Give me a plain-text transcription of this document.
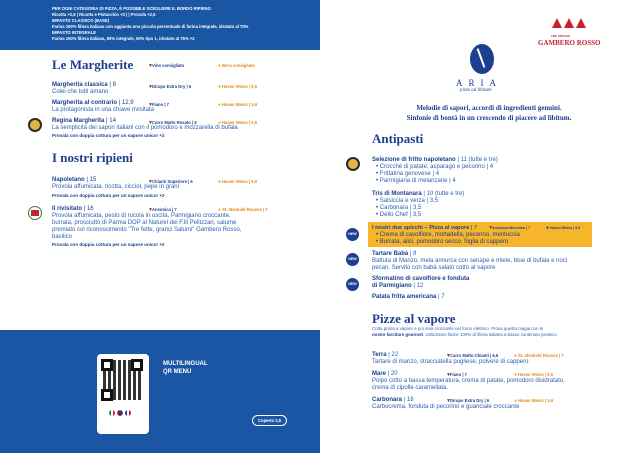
PER OGNI CATEGORIA DI PIZZA, È POSSIBILE SCEGLIERE IL BORDO RIPIENO
Ricotta +2,5 | Ricotta e Pistacchio +3 | | Provola +2,5
IMPASTO CLASSICO (BASE)
Farina 100% filiera italiana con aggiunta una piccola percentuale di farina integrale, idratato al 70%
IMPASTO INTEGRALE
Farina 100% filiera italiana, 50% integrale, 50% tipo 1, idratato al 75% +2
Le Margherite	🍷 ▼Vino consigliato	●Birra consigliata
Margherita classica | 8
Colei che tutti amano
🍷 ▼Dirupo Extra Dry | 6	●Hasen Weiss | 5,9
Margherita al contrario | 12,9
La protagonista in una chiave rivisitata
🍷 ▼Fiano | 7	●Hasen Weiss | 5,9
Regina Margherita | 14
La semplicità dei sapori italiani con il pomodoro e mozzarella di bufala
🍷 ▼Carro Matto Rosato | 6	●Hasen Weiss | 5,9
Provala con doppia cottura per un sapore unico! +2
I nostri ripieni
Napoletano | 15
Provola affumicata, ricotta, cicciol, pepe in grani
Provala con doppia cottura per un sapore unico! +2
🍷 ▼Chianti Superiore | 6	●Hasen Weiss | 5,9
Il rivisitato | 16
Provola affumicata, pesto di rucola in uscita, Parmigiano croccante,
burrata, prosciutto di Parma DOP al Naturel dei F.lli Pellizzari, salume
premiato col riconoscimento "Tre fette, granci Salumi" Gambero Rosso,
basilico
Provala con doppia cottura per un sapore unico! +2
🍷 ▼Ansonica | 7	●St. Idesbald Rousse | 7
MULTILINGUAL
QR MENU
Coperto 2,5
ARIA
pizze ad libitum
TRE SPICCHI
GAMBERO ROSSO
Melodie di sapori, accordi di ingredienti genuini.
Sinfonie di bontà in un crescendo di piacere ad libitum.
Antipasti
Selezione di fritto napoletano | 11 (tutte e tre)
• Crocchè di patate, asparago e pecorino | 4
• Frittatina genovese | 4
• Parmigiana di melanzane | 4
Tris di Montanara | 10 (tutte e tre)
• Salsiccia e verza | 3,5
• Carbonara | 3,5
• Dello Chef | 3,5
NEW
I nostri due spicchi – Pizza al vapore | 7 🍷 ▼Ansonica Monolino | 7	🍷 ●Hasen Weiss | 5,9
• Crema di cavolfiore, mortadella, pecorino, mentuccia
• Burrata, alici, pomodoro secco, foglia di cappero
NEW
Tartare Babà | 8
Battuta di Manzo, mela annurca con senape e miele, blue di bufala e noci
pecan. Servito con babà salato cotto al vapore
NEW
Sformatino di cavolfiore e fonduta
di Parmigiano | 12
Patata fritta americana | 7
Pizze al vapore
Cotta prima a vapore e poi resa croccante nel forno elettrico. Prova questa magia con le
nostre farciture gourmet. Utilizziamo farine 100% di filiera italiana a basso contenuto proteico
Terra | 22
Tartare di manzo, stracciatella pugliese, polvere di cappero
🍷 ▼Carro Matto Chianti | 6,6	●St. Idesbald Rousse | 7
Mare | 20
Polpo cotto a bassa temperatura, crema di patate, pomodoro disidratato,
crema di cipolle caramellata.
🍷 ▼Fiano | 7	●Hasen Weiss | 5,9
Carbonara | 18
Carbocrema, fonduta di pecorino e guanciale croccante
🍷 ▼Dirupo Extra Dry | 6	●Hasen Weiss | 5,9
